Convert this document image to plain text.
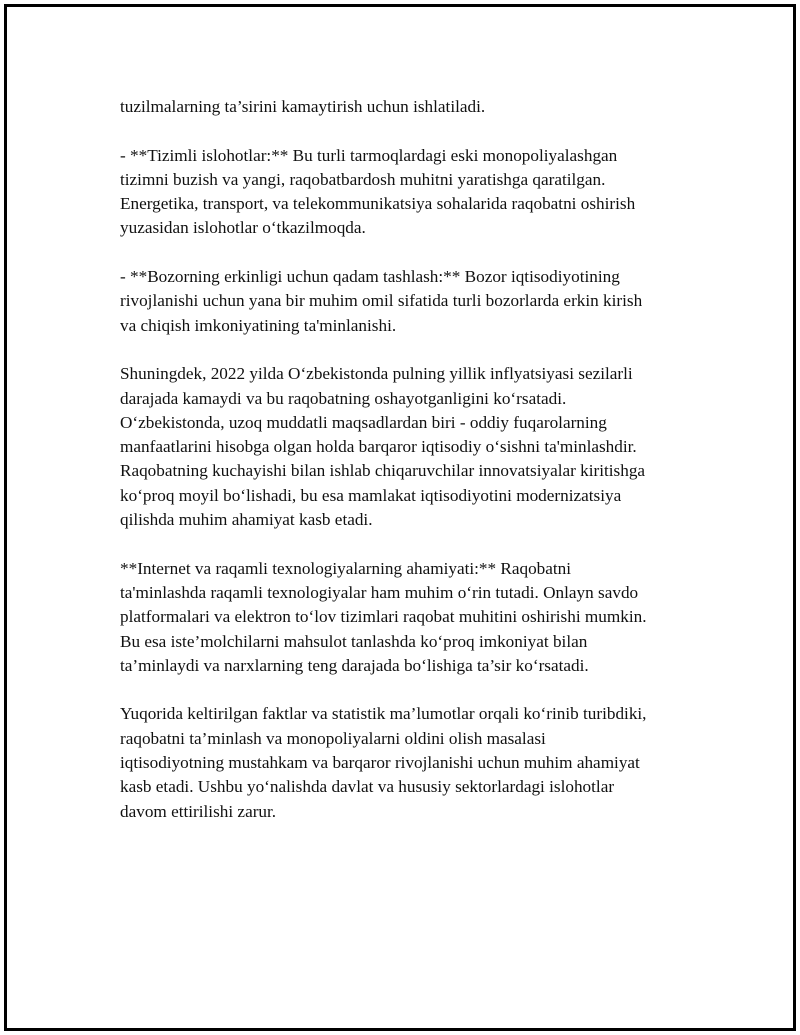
tuzilmalarning ta’sirini kamaytirish uchun ishlatiladi.

- **Tizimli islohotlar:** Bu turli tarmoqlardagi eski monopoliyalashgan
tizimni buzish va yangi, raqobatbardosh muhitni yaratishga qaratilgan.
Energetika, transport, va telekommunikatsiya sohalarida raqobatni oshirish
yuzasidan islohotlar oʻtkazilmoqda.

- **Bozorning erkinligi uchun qadam tashlash:** Bozor iqtisodiyotining
rivojlanishi uchun yana bir muhim omil sifatida turli bozorlarda erkin kirish
va chiqish imkoniyatining ta'minlanishi.

Shuningdek, 2022 yilda Oʻzbekistonda pulning yillik inflyatsiyasi sezilarli
darajada kamaydi va bu raqobatning oshayotganligini koʻrsatadi.
Oʻzbekistonda, uzoq muddatli maqsadlardan biri - oddiy fuqarolarning
manfaatlarini hisobga olgan holda barqaror iqtisodiy oʻsishni ta'minlashdir.
Raqobatning kuchayishi bilan ishlab chiqaruvchilar innovatsiyalar kiritishga
koʻproq moyil boʻlishadi, bu esa mamlakat iqtisodiyotini modernizatsiya
qilishda muhim ahamiyat kasb etadi.

**Internet va raqamli texnologiyalarning ahamiyati:** Raqobatni
ta'minlashda raqamli texnologiyalar ham muhim oʻrin tutadi. Onlayn savdo
platformalari va elektron toʻlov tizimlari raqobat muhitini oshirishi mumkin.
Bu esa iste’molchilarni mahsulot tanlashda koʻproq imkoniyat bilan
ta’minlaydi va narxlarning teng darajada boʻlishiga ta’sir koʻrsatadi.

Yuqorida keltirilgan faktlar va statistik ma’lumotlar orqali koʻrinib turibdiki,
raqobatni ta’minlash va monopoliyalarni oldini olish masalasi
iqtisodiyotning mustahkam va barqaror rivojlanishi uchun muhim ahamiyat
kasb etadi. Ushbu yoʻnalishda davlat va hususiy sektorlardagi islohotlar
davom ettirilishi zarur.
